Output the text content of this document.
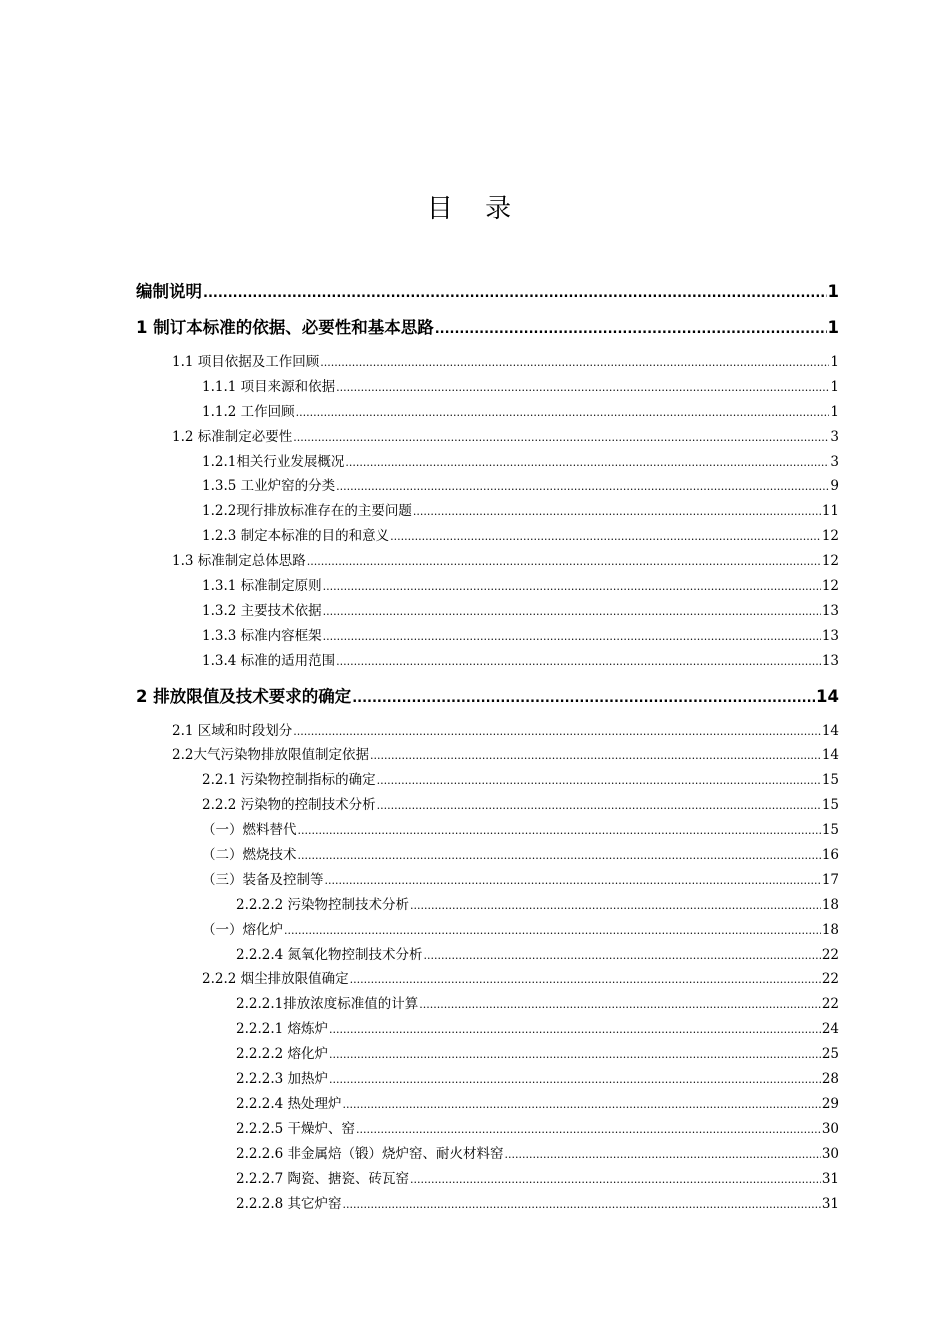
目 录
编制说明 .....	1
1 制订本标准的依据、必要性和基本思路 .....	1
1.1 项目依据及工作回顾 .....	1
1.1.1 项目来源和依据 .....	1
1.1.2 工作回顾 .....	1
1.2 标准制定必要性 .....	3
1.2.1相关行业发展概况 .....	3
1.3.5 工业炉窑的分类 .....	9
1.2.2现行排放标准存在的主要问题 .....	11
1.2.3 制定本标准的目的和意义 .....	12
1.3 标准制定总体思路 .....	12
1.3.1 标准制定原则 .....	12
1.3.2 主要技术依据 .....	13
1.3.3 标准内容框架 .....	13
1.3.4 标准的适用范围 .....	13
2 排放限值及技术要求的确定 .....	14
2.1 区域和时段划分 .....	14
2.2大气污染物排放限值制定依据 .....	14
2.2.1 污染物控制指标的确定 .....	15
2.2.2 污染物的控制技术分析 .....	15
（一）燃料替代 .....	15
（二）燃烧技术 .....	16
（三）装备及控制等 .....	17
2.2.2.2 污染物控制技术分析 .....	18
（一）熔化炉 .....	18
2.2.2.4 氮氧化物控制技术分析 .....	22
2.2.2 烟尘排放限值确定 .....	22
2.2.2.1排放浓度标准值的计算 .....	22
2.2.2.1 熔炼炉 .....	24
2.2.2.2 熔化炉 .....	25
2.2.2.3 加热炉 .....	28
2.2.2.4 热处理炉 .....	29
2.2.2.5 干燥炉、窑 .....	30
2.2.2.6 非金属焙（锻）烧炉窑、耐火材料窑 .....	30
2.2.2.7 陶瓷、搪瓷、砖瓦窑 .....	31
2.2.2.8 其它炉窑 .....	31
